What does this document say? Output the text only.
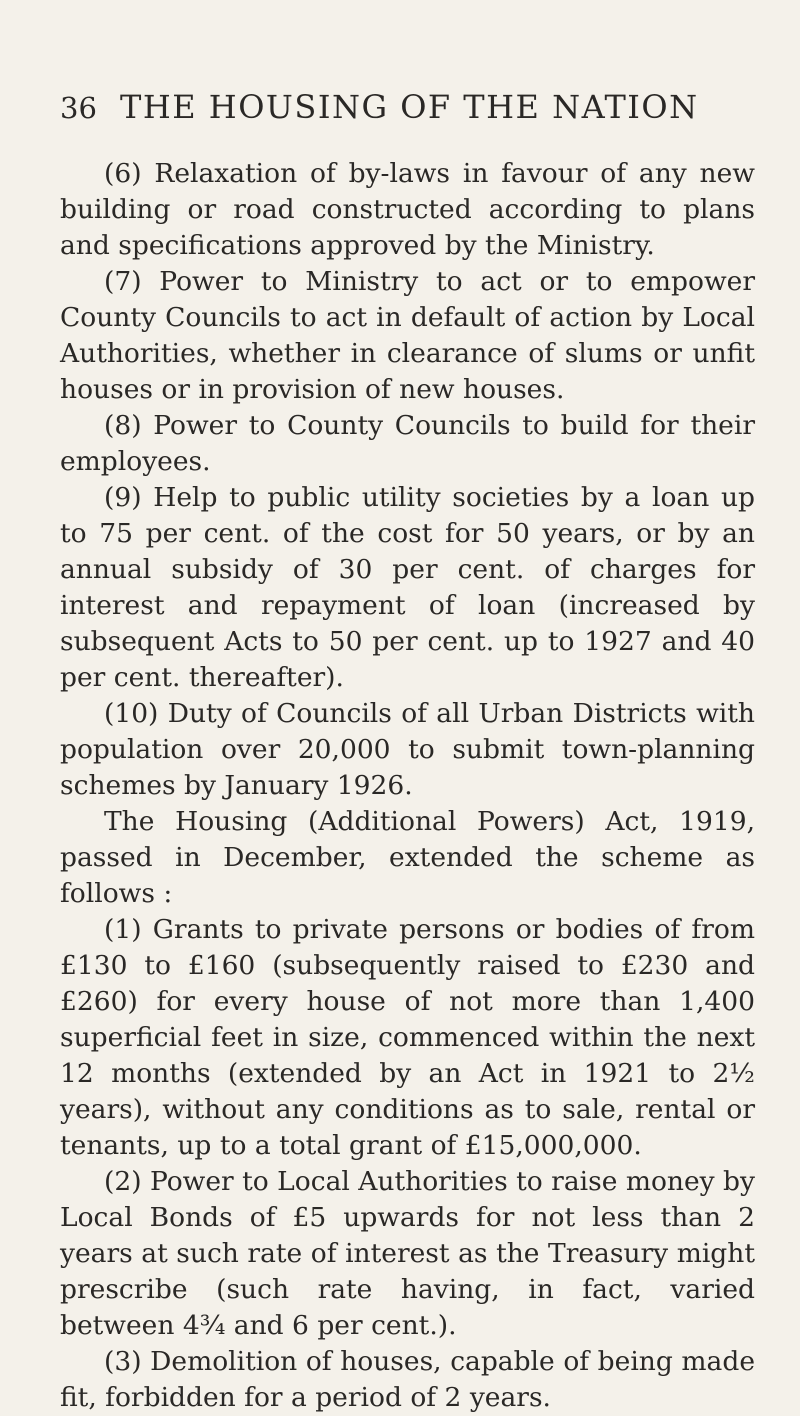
36 THE HOUSING OF THE NATION

(6) Relaxation of by-laws in favour of any new building or road constructed according to plans and specifications approved by the Ministry.

(7) Power to Ministry to act or to empower County Councils to act in default of action by Local Authorities, whether in clearance of slums or unfit houses or in provision of new houses.

(8) Power to County Councils to build for their employees.

(9) Help to public utility societies by a loan up to 75 per cent. of the cost for 50 years, or by an annual subsidy of 30 per cent. of charges for interest and repayment of loan (increased by subsequent Acts to 50 per cent. up to 1927 and 40 per cent. thereafter).

(10) Duty of Councils of all Urban Districts with population over 20,000 to submit town-planning schemes by January 1926.

The Housing (Additional Powers) Act, 1919, passed in December, extended the scheme as follows :

(1) Grants to private persons or bodies of from £130 to £160 (subsequently raised to £230 and £260) for every house of not more than 1,400 superficial feet in size, commenced within the next 12 months (extended by an Act in 1921 to 2½ years), without any conditions as to sale, rental or tenants, up to a total grant of £15,000,000.

(2) Power to Local Authorities to raise money by Local Bonds of £5 upwards for not less than 2 years at such rate of interest as the Treasury might prescribe (such rate having, in fact, varied between 4¾ and 6 per cent.).

(3) Demolition of houses, capable of being made fit, forbidden for a period of 2 years.
